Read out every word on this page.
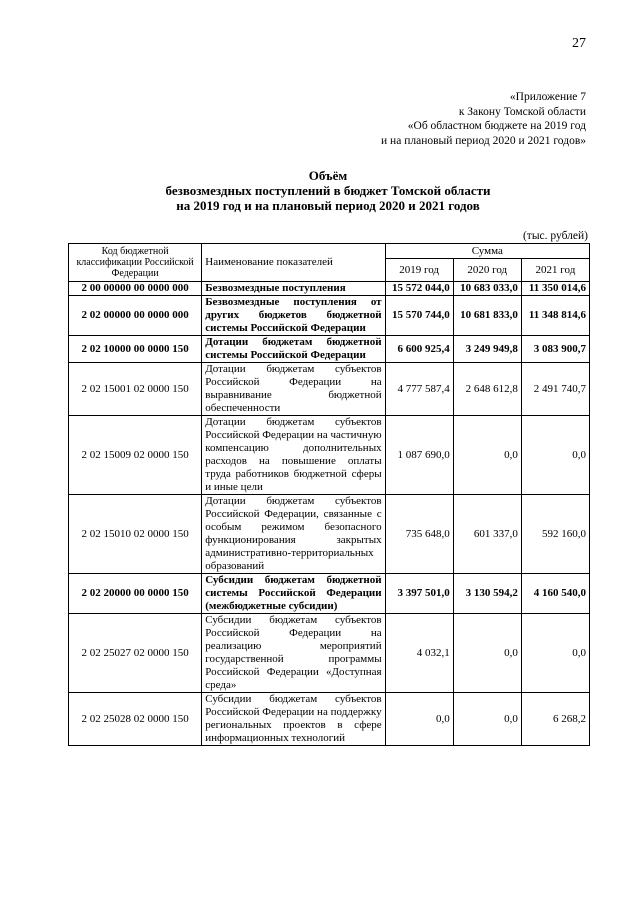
27
«Приложение 7
к Закону Томской области
«Об областном бюджете на 2019 год
и на плановый период 2020 и 2021 годов»
Объём
безвозмездных поступлений в бюджет Томской области
на 2019 год и на плановый период 2020 и 2021 годов
(тыс. рублей)
Код бюджетной классификации Российской Федерации	Наименование показателей	Сумма		
		2019 год	2020 год	2021 год
2 00 00000 00 0000 000	Безвозмездные поступления	15 572 044,0	10 683 033,0	11 350 014,6
2 02 00000 00 0000 000	Безвозмездные поступления от других бюджетов бюджетной системы Российской Федерации	15 570 744,0	10 681 833,0	11 348 814,6
2 02 10000 00 0000 150	Дотации бюджетам бюджетной системы Российской Федерации	6 600 925,4	3 249 949,8	3 083 900,7
2 02 15001 02 0000 150	Дотации бюджетам субъектов Российской Федерации на выравнивание бюджетной обеспеченности	4 777 587,4	2 648 612,8	2 491 740,7
2 02 15009 02 0000 150	Дотации бюджетам субъектов Российской Федерации на частичную компенсацию дополнительных расходов на повышение оплаты труда работников бюджетной сферы и иные цели	1 087 690,0	0,0	0,0
2 02 15010 02 0000 150	Дотации бюджетам субъектов Российской Федерации, связанные с особым режимом безопасного функционирования закрытых административно-территориальных образований	735 648,0	601 337,0	592 160,0
2 02 20000 00 0000 150	Субсидии бюджетам бюджетной системы Российской Федерации (межбюджетные субсидии)	3 397 501,0	3 130 594,2	4 160 540,0
2 02 25027 02 0000 150	Субсидии бюджетам субъектов Российской Федерации на реализацию мероприятий государственной программы Российской Федерации «Доступная среда»	4 032,1	0,0	0,0
2 02 25028 02 0000 150	Субсидии бюджетам субъектов Российской Федерации на поддержку региональных проектов в сфере информационных технологий	0,0	0,0	6 268,2
